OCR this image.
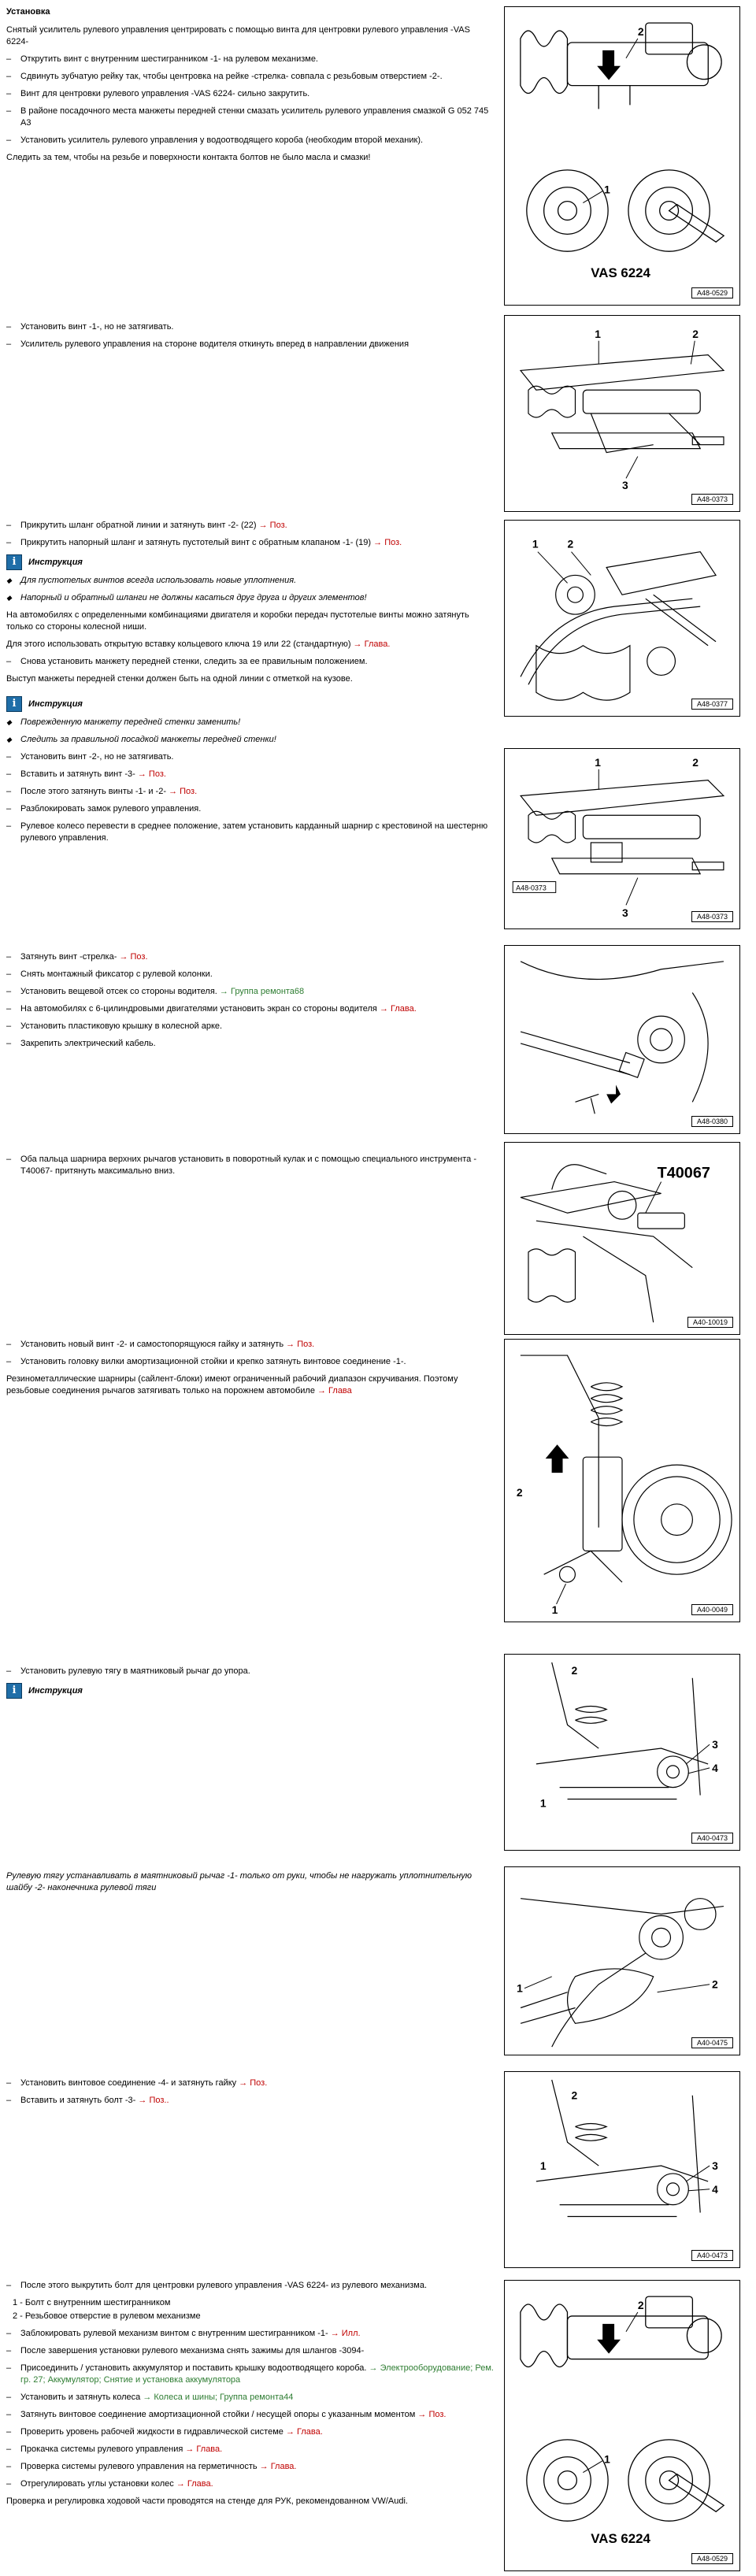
Установка
Снятый усилитель рулевого управления центрировать с помощью винта для центровки рулевого управления -VAS 6224-
–	Открутить винт с внутренним шестигранником -1- на рулевом механизме.
–	Сдвинуть зубчатую рейку так, чтобы центровка на рейке -стрелка- совпала с резьбовым отверстием -2-.
–	Винт для центровки рулевого управления -VAS 6224- сильно закрутить.
–	В районе посадочного места манжеты передней стенки смазать усилитель рулевого управления смазкой G 052 745 A3
–	Установить усилитель рулевого управления у водоотводящего короба (необходим второй механик).
Следить за тем, чтобы на резьбе и поверхности контакта болтов не было масла и смазки!
2
1
VAS 6224
A48-0529
–	Установить винт -1-, но не затягивать.
–	Усилитель рулевого управления на стороне водителя откинуть вперед в направлении движения
1	2
3
A48-0373
–	Прикрутить шланг обратной линии и затянуть винт -2- (22) → Поз.
–	Прикрутить напорный шланг и затянуть пустотелый винт с обратным клапаном -1- (19) → Поз.
i	Инструкция
◆	Для пустотелых винтов всегда использовать новые уплотнения.
◆	Напорный и обратный шланги не должны касаться друг друга и других элементов!
На автомобилях с определенными комбинациями двигателя и коробки передач пустотелые винты можно затянуть только со стороны колесной ниши.
Для этого использовать открытую вставку кольцевого ключа 19 или 22 (стандартную) → Глава.
–	Снова установить манжету передней стенки, следить за ее правильным положением.
Выступ манжеты передней стенки должен быть на одной линии с отметкой на кузове.
1	2
A48-0377
i	Инструкция
◆	Поврежденную манжету передней стенки заменить!
◆	Следить за правильной посадкой манжеты передней стенки!
–	Установить винт -2-, но не затягивать.
–	Вставить и затянуть винт -3- → Поз.
–	После этого затянуть винты -1- и -2- → Поз.
–	Разблокировать замок рулевого управления.
–	Рулевое колесо перевести в среднее положение, затем установить карданный шарнир с крестовиной на шестерню рулевого управления.
1	2
3
A48-0373
A48-0373
–	Затянуть винт -стрелка- → Поз.
–	Снять монтажный фиксатор с рулевой колонки.
–	Установить вещевой отсек со стороны водителя. → Группа ремонта68
–	На автомобилях с 6-цилиндровыми двигателями установить экран со стороны водителя → Глава.
–	Установить пластиковую крышку в колесной арке.
–	Закрепить электрический кабель.
A48-0380
–	Оба пальца шарнира верхних рычагов установить в поворотный кулак и с помощью специального инструмента -T40067- притянуть максимально вниз.	T40067
A40-10019
–	Установить новый винт -2- и самостопорящуюся гайку и затянуть → Поз.
–	Установить головку вилки амортизационной стойки и крепко затянуть винтовое соединение -1-.
Резинометаллические шарниры (сайлент-блоки) имеют ограниченный рабочий диапазон скручивания. Поэтому резьбовые соединения рычагов затягивать только на порожнем автомобиле → Глава
1
2
A40-0049
–	Установить рулевую тягу в маятниковый рычаг до упора.
i	Инструкция
2
1
3
4
A40-0473
Рулевую тягу устанавливать в маятниковый рычаг -1- только от руки, чтобы не нагружать уплотнительную шайбу -2- наконечника рулевой тяги
1	2
A40-0475
–	Установить винтовое соединение -4- и затянуть гайку → Поз.
–	Вставить и затянуть болт -3- → Поз..	2
1	3
4
A40-0473
–	После этого выкрутить болт для центровки рулевого управления -VAS 6224- из рулевого механизма.
1 - Болт с внутренним шестигранником
2 - Резьбовое отверстие в рулевом механизме
–	Заблокировать рулевой механизм винтом с внутренним шестигранником -1- → Илл.
–	После завершения установки рулевого механизма снять зажимы для шлангов -3094-
–	Присоединить / установить аккумулятор и поставить крышку водоотводящего короба. → Электрооборудование; Рем. гр. 27; Аккумулятор; Снятие и установка аккумулятора
–	Установить и затянуть колеса → Колеса и шины; Группа ремонта44
–	Затянуть винтовое соединение амортизационной стойки / несущей опоры с указанным моментом → Поз.
–	Проверить уровень рабочей жидкости в гидравлической системе → Глава.
–	Прокачка системы рулевого управления → Глава.
–	Проверка системы рулевого управления на герметичность → Глава.
–	Отрегулировать углы установки колес → Глава.
Проверка и регулировка ходовой части проводятся на стенде для РУК, рекомендованном VW/Audi.
2
1
VAS 6224
A48-0529
